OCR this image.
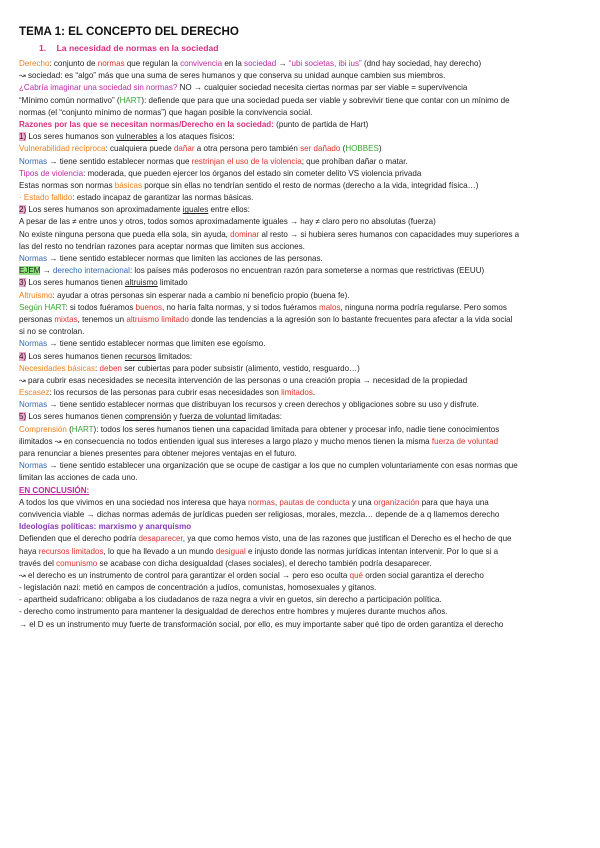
TEMA 1: EL CONCEPTO DEL DERECHO
1. La necesidad de normas en la sociedad
Derecho: conjunto de normas que regulan la convivencia en la sociedad → “ubi societas, ibi ius” (dnd hay sociedad, hay derecho)
↝ sociedad: es “algo” más que una suma de seres humanos y que conserva su unidad aunque cambien sus miembros.
¿Cabría imaginar una sociedad sin normas? NO → cualquier sociedad necesita ciertas normas par ser viable = supervivencia
“Mínimo común normativo” (HART): defiende que para que una sociedad pueda ser viable y sobrevivir tiene que contar con un mínimo de
normas (el “conjunto mínimo de normas”) que hagan posible la convivencia social.
Razones por las que se necesitan normas/Derecho en la sociedad: (punto de partida de Hart)
1) Los seres humanos son vulnerables a los ataques físicos:
Vulnerabilidad recíproca: cualquiera puede dañar a otra persona pero también ser dañado (HOBBES)
Normas → tiene sentido establecer normas que restrinjan el uso de la violencia; que prohíban dañar o matar.
Tipos de violencia: moderada, que pueden ejercer los órganos del estado sin cometer delito VS violencia privada
Estas normas son normas básicas porque sin ellas no tendrían sentido el resto de normas (derecho a la vida, integridad física…)
· Estado fallido: estado incapaz de garantizar las normas básicas.
2) Los seres humanos son aproximadamente iguales entre ellos:
A pesar de las ≠ entre unos y otros, todos somos aproximadamente iguales → hay ≠ claro pero no absolutas (fuerza)
No existe ninguna persona que pueda ella sola, sin ayuda, dominar al resto → si hubiera seres humanos con capacidades muy superiores a
las del resto no tendrían razones para aceptar normas que limiten sus acciones.
Normas → tiene sentido establecer normas que limiten las acciones de las personas.
EJEM → derecho internacional: los países más poderosos no encuentran razón para someterse a normas que restrictivas (EEUU)
3) Los seres humanos tienen altruismo limitado
Altruismo: ayudar a otras personas sin esperar nada a cambio ni beneficio propio (buena fe).
Según HART: si todos fuéramos buenos, no haría falta normas, y si todos fuéramos malos, ninguna norma podría regularse. Pero somos
personas mixtas, tenemos un altruismo limitado donde las tendencias a la agresión son lo bastante frecuentes para afectar a la vida social
si no se controlan.
Normas → tiene sentido establecer normas que limiten ese egoísmo.
4) Los seres humanos tienen recursos limitados:
Necesidades básicas: deben ser cubiertas para poder subsistir (alimento, vestido, resguardo…)
↝ para cubrir esas necesidades se necesita intervención de las personas o una creación propia → necesidad de la propiedad
Escasez: los recursos de las personas para cubrir esas necesidades son limitados.
Normas → tiene sentido establecer normas que distribuyan los recursos y creen derechos y obligaciones sobre su uso y disfrute.
5) Los seres humanos tienen comprensión y fuerza de voluntad limitadas:
Comprensión (HART): todos los seres humanos tienen una capacidad limitada para obtener y procesar info, nadie tiene conocimientos
ilimitados ↝ en consecuencia no todos entienden igual sus intereses a largo plazo y mucho menos tienen la misma fuerza de voluntad
para renunciar a bienes presentes para obtener mejores ventajas en el futuro.
Normas → tiene sentido establecer una organización que se ocupe de castigar a los que no cumplen voluntariamente con esas normas que
limitan las acciones de cada uno.
EN CONCLUSIÓN:
A todos los que vivimos en una sociedad nos interesa que haya normas, pautas de conducta y una organización para que haya una
convivencia viable → dichas normas además de jurídicas pueden ser religiosas, morales, mezcla… depende de a q llamemos derecho
Ideologías políticas: marxismo y anarquismo
Defienden que el derecho podría desaparecer, ya que como hemos visto, una de las razones que justifican el Derecho es el hecho de que
haya recursos limitados, lo que ha llevado a un mundo desigual e injusto donde las normas jurídicas intentan intervenir. Por lo que si a
través del comunismo se acabase con dicha desigualdad (clases sociales), el derecho también podría desaparecer.
↝ el derecho es un instrumento de control para garantizar el orden social → pero eso oculta qué orden social garantiza el derecho
- legislación nazi: metió en campos de concentración a judíos, comunistas, homosexuales y gitanos.
- apartheid sudafricano: obligaba a los ciudadanos de raza negra a vivir en guetos, sin derecho a participación política.
- derecho como instrumento para mantener la desigualdad de derechos entre hombres y mujeres durante muchos años.
→ el D es un instrumento muy fuerte de transformación social, por ello, es muy importante saber qué tipo de orden garantiza el derecho
